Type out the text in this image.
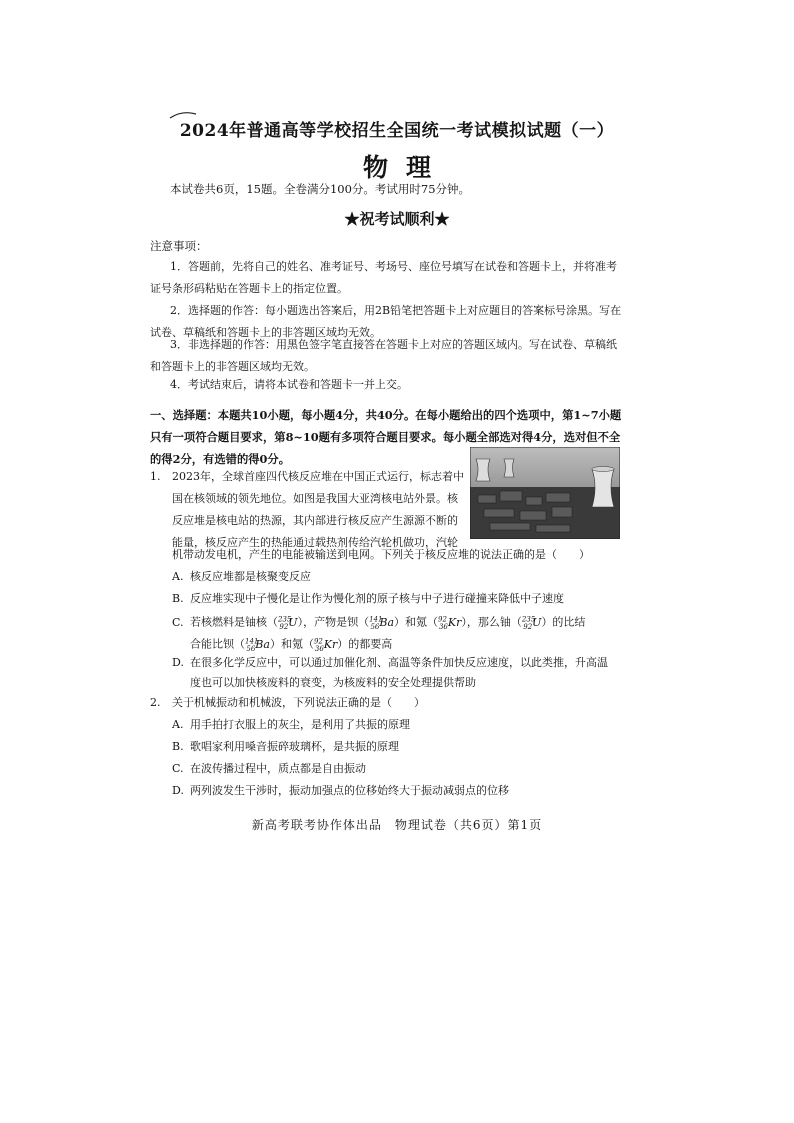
2024年普通高等学校招生全国统一考试模拟试题（一）
物理
本试卷共6页，15题。全卷满分100分。考试用时75分钟。
★祝考试顺利★
注意事项：
1．答题前，先将自己的姓名、准考证号、考场号、座位号填写在试卷和答题卡上，并将准考证号条形码粘贴在答题卡上的指定位置。
2．选择题的作答：每小题选出答案后，用2B铅笔把答题卡上对应题目的答案标号涂黑。写在试卷、草稿纸和答题卡上的非答题区域均无效。
3．非选择题的作答：用黑色签字笔直接答在答题卡上对应的答题区域内。写在试卷、草稿纸和答题卡上的非答题区域均无效。
4．考试结束后，请将本试卷和答题卡一并上交。
一、选择题：本题共10小题，每小题4分，共40分。在每小题给出的四个选项中，第1~7小题只有一项符合题目要求，第8~10题有多项符合题目要求。每小题全部选对得4分，选对但不全的得2分，有选错的得0分。
1. 2023年，全球首座四代核反应堆在中国正式运行，标志着中
国在核领域的领先地位。如图是我国大亚湾核电站外景。核
反应堆是核电站的热源，其内部进行核反应产生源源不断的
能量，核反应产生的热能通过载热剂传给汽轮机做功，汽轮
机带动发电机，产生的电能被输送到电网。下列关于核反应堆的说法正确的是（　　）
A. 核反应堆都是核聚变反应
B. 反应堆实现中子慢化是让作为慢化剂的原子核与中子进行碰撞来降低中子速度
C. 若核燃料是铀核（$^{235}_{92}$U），产物是钡（$^{141}_{56}$Ba）和氪（$^{92}_{36}$Kr），那么铀（$^{235}_{92}$U）的比结
合能比钡（$^{141}_{56}$Ba）和氪（$^{92}_{36}$Kr）的都要高
D. 在很多化学反应中，可以通过加催化剂、高温等条件加快反应速度，以此类推，升高温
度也可以加快核废料的衰变，为核废料的安全处理提供帮助
2. 关于机械振动和机械波，下列说法正确的是（　　）
A. 用手拍打衣服上的灰尘，是利用了共振的原理
B. 歌唱家利用嗓音振碎玻璃杯，是共振的原理
C. 在波传播过程中，质点都是自由振动
D. 两列波发生干涉时，振动加强点的位移始终大于振动减弱点的位移
新高考联考协作体出品　物理试卷（共6页）第1页
